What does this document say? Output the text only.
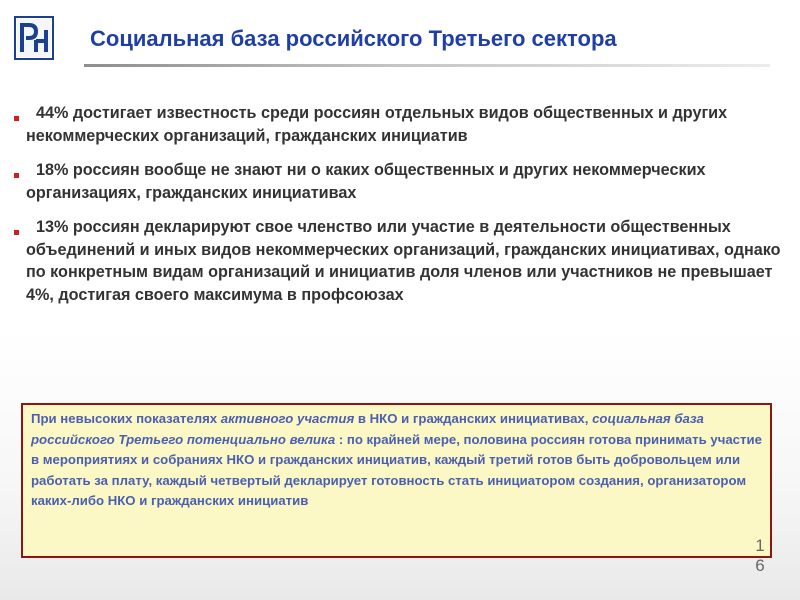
Социальная база российского Третьего сектора
44% достигает известность среди россиян отдельных видов общественных и других некоммерческих организаций, гражданских инициатив
18% россиян вообще не знают ни о каких общественных и других некоммерческих организациях, гражданских инициативах
13% россиян декларируют свое членство или участие в деятельности общественных объединений и иных видов некоммерческих организаций, гражданских инициативах, однако по конкретным видам организаций и инициатив доля членов или участников не превышает 4%, достигая своего максимума в профсоюзах
При невысоких показателях активного участия в НКО и гражданских инициативах, социальная база российского Третьего потенциально велика : по крайней мере, половина россиян готова принимать участие в мероприятиях и собраниях НКО и гражданских инициатив, каждый третий готов быть добровольцем или работать за плату, каждый четвертый декларирует готовность стать инициатором создания, организатором каких-либо НКО и гражданских инициатив
1
6
